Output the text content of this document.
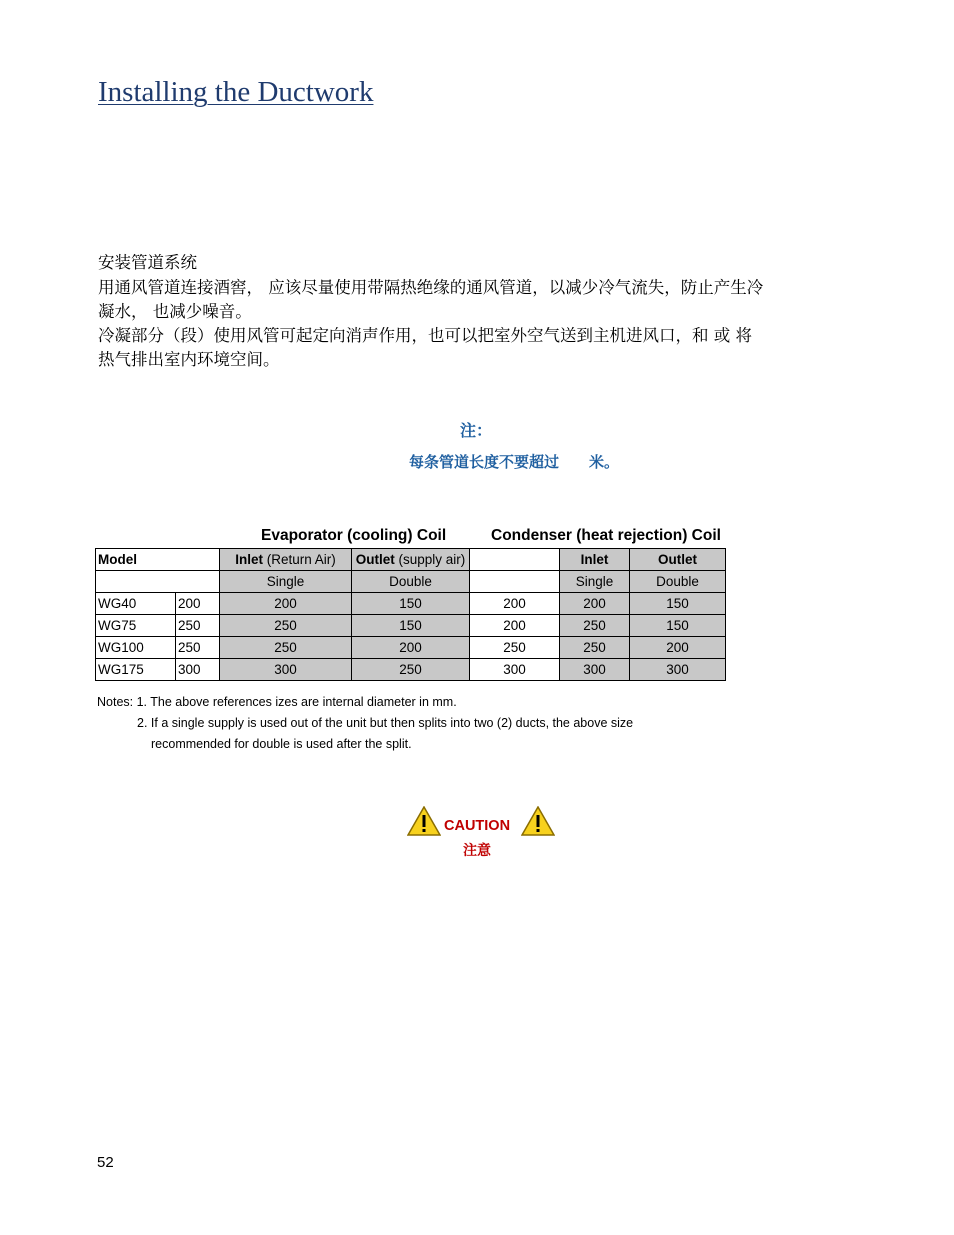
Installing the Ductwork
安装管道系统
用通风管道连接酒窖， 应该尽量使用带隔热绝缘的通风管道，以减少冷气流失，防止产生冷
凝水， 也减少噪音。
冷凝部分（段）使用风管可起定向消声作用，也可以把室外空气送到主机进风口，和 或 将
热气排出室内环境空间。
注：
每条管道长度不要超过 米。
Evaporator (cooling) Coil	Condenser (heat rejection) Coil
Model		Inlet (Return Air)	Outlet (supply air)		Inlet	Outlet
		Single	Double		Single	Double
WG40	200	200	150	200	200	150
WG75	250	250	150	200	250	150
WG100	250	250	200	250	250	200
WG175	300	300	250	300	300	300
Notes: 1. The above references izes are internal diameter in mm.
2. If a single supply is used out of the unit but then splits into two (2) ducts, the above size
recommended for double is used after the split.
CAUTION
注意
52
